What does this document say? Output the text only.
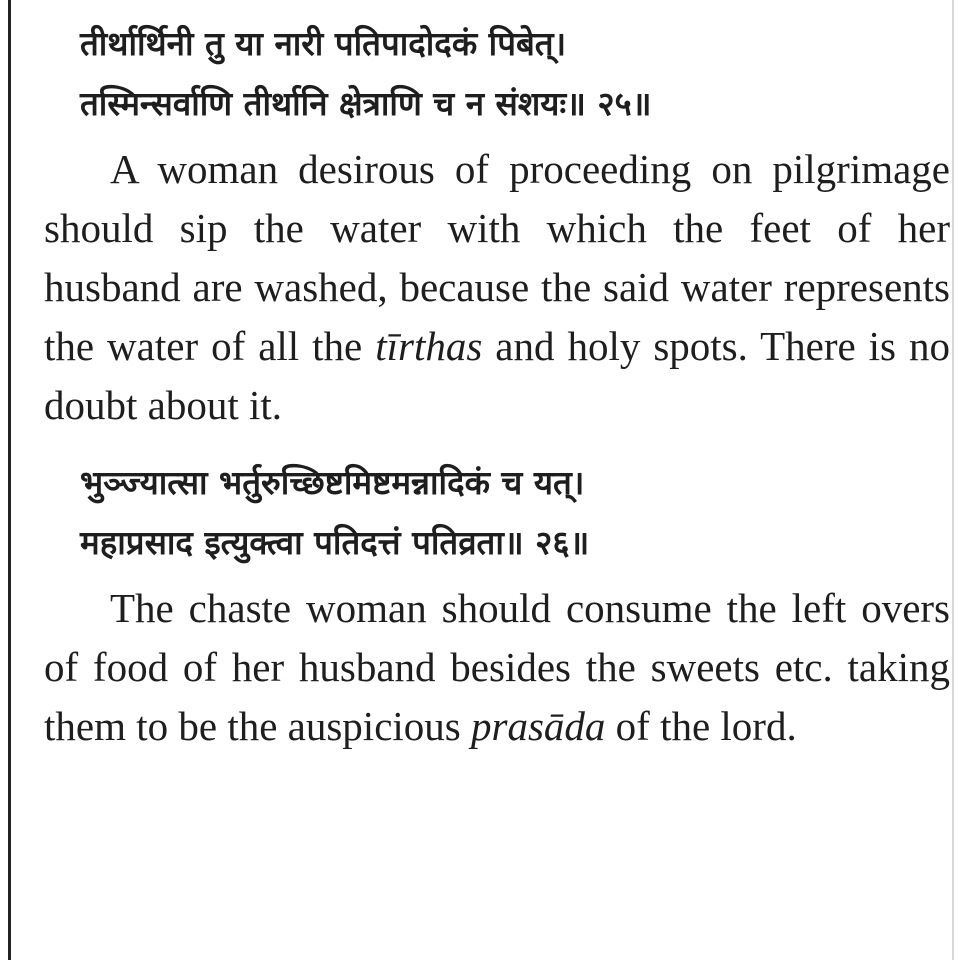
तीर्थार्थिनी तु या नारी पतिपादोदकं पिबेत्।
तस्मिन्सर्वाणि तीर्थानि क्षेत्राणि च न संशयः॥ २५॥

A woman desirous of proceeding on pilgrimage should sip the water with which the feet of her husband are washed, because the said water represents the water of all the tīrthas and holy spots. There is no doubt about it.

भुञ्ज्यात्सा भर्तुरुच्छिष्टमिष्टमन्नादिकं च यत्।
महाप्रसाद इत्युक्त्वा पतिदत्तं पतिव्रता॥ २६॥

The chaste woman should consume the left overs of food of her husband besides the sweets etc. taking them to be the auspicious prasāda of the lord.
